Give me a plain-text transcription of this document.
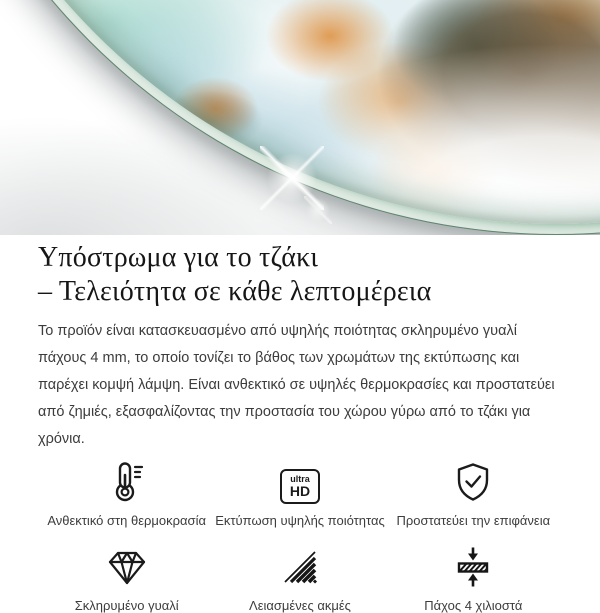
Υπόστρωμα για το τζάκι
– Τελειότητα σε κάθε λεπτομέρεια

Το προϊόν είναι κατασκευασμένο από υψηλής ποιότητας σκληρυμένο γυαλί πάχους 4 mm, το οποίο τονίζει το βάθος των χρωμάτων της εκτύπωσης και παρέχει κομψή λάμψη. Είναι ανθεκτικό σε υψηλές θερμοκρασίες και προστατεύει από ζημιές, εξασφαλίζοντας την προστασία του χώρου γύρω από το τζάκι για χρόνια.

Ανθεκτικό στη θερμοκρασία
ultra
HD
Εκτύπωση υψηλής ποιότητας Προστατεύει την επιφάνεια
Σκληρυμένο γυαλί	Λειασμένες ακμές	Πάχος 4 χιλιοστά
